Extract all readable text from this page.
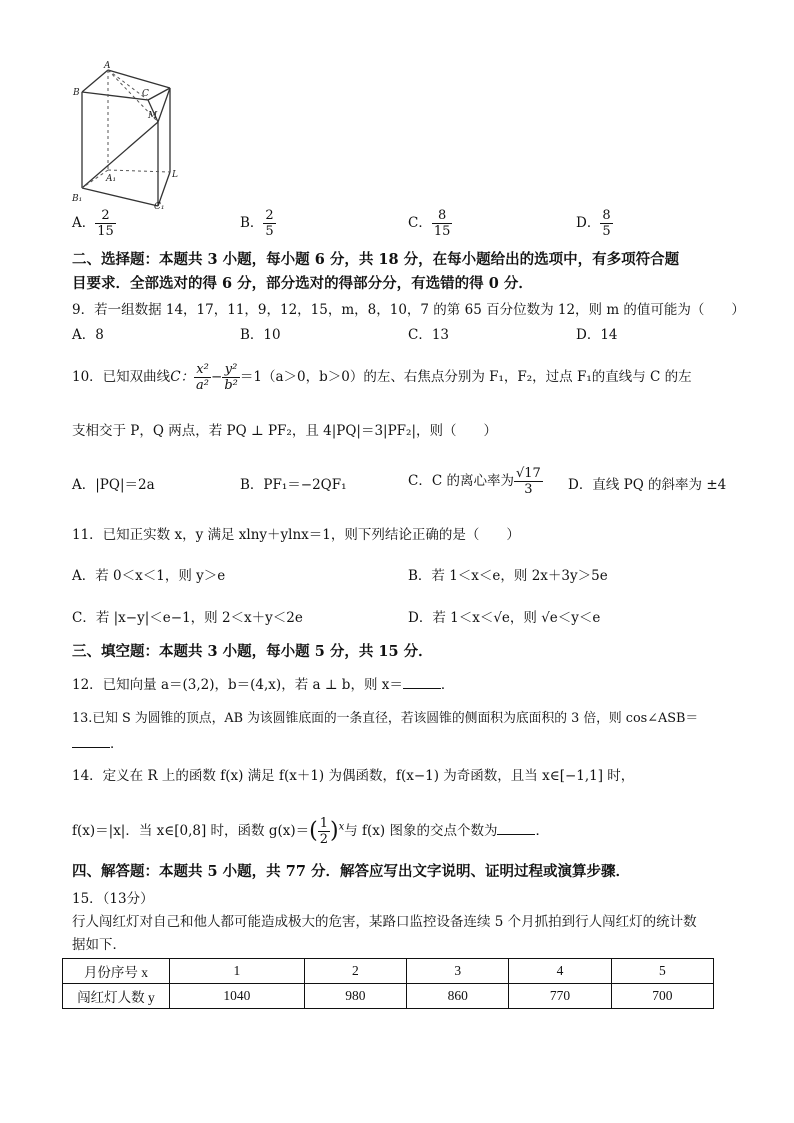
A
B	C
M
A₁
B₁
C₁
L
A． $\frac{2}{15}$	B． $\frac{2}{5}$	C． $\frac{8}{15}$	D． $\frac{8}{5}$
二、选择题：本题共 3 小题，每小题 6 分，共 18 分，在每小题给出的选项中，有多项符合题
目要求．全部选对的得 6 分，部分选对的得部分分，有选错的得 0 分．
9．若一组数据 14，17，11，9，12，15，m，8，10，7 的第 65 百分位数为 12，则 m 的值可能为（　　）
A．8	B．10	C．13	D．14
10．已知双曲线C： $\frac{\text{x²}}{\text{a²}} - \frac{\text{y²}}{\text{b²}} =1(a>0$，b＞0）的左、右焦点分别为 F₁，F₂，过点 F₁的直线与 C 的左
支相交于 P，Q 两点，若 PQ ⊥ PF₂，且 4|PQ|＝3|PF₂|，则（　　）
A．|PQ|＝2a	B．PF₁＝−2QF₁	C．C 的离心率为 $\frac{√17}{3}$ D．直线 PQ 的斜率为 ±4
11．已知正实数 x，y 满足 xlny＋ylnx＝1，则下列结论正确的是（　　）
A．若 0＜x＜1，则 y＞e	B．若 1＜x＜e，则 2x＋3y＞5e
C．若 |x−y|＜e−1，则 2＜x＋y＜2e	D．若 1＜x＜√e，则 √e＜y＜e
三、填空题：本题共 3 小题，每小题 5 分，共 15 分．
12．已知向量 a＝(3,2)，b＝(4,x)，若 a ⊥ b，则 x＝	．
13.已知 S 为圆锥的顶点，AB 为该圆锥底面的一条直径，若该圆锥的侧面积为底面积的 3 倍，则 cos∠ASB＝
．
14．定义在 R 上的函数 f(x) 满足 f(x＋1) 为偶函数，f(x−1) 为奇函数，且当 x∈[−1,1] 时，
f(x)＝|x|．当 x∈[0,8] 时，函数 $g(x)=( \frac{1}{2} )^x$与 f(x) 图象的交点个数为	．
四、解答题：本题共 5 小题，共 77 分．解答应写出文字说明、证明过程或演算步骤．
15．（13分）
行人闯红灯对自己和他人都可能造成极大的危害，某路口监控设备连续 5 个月抓拍到行人闯红灯的统计数
据如下．
月份序号 x	1	2	3	4	5
闯红灯人数 y	1040	980	860	770	700
